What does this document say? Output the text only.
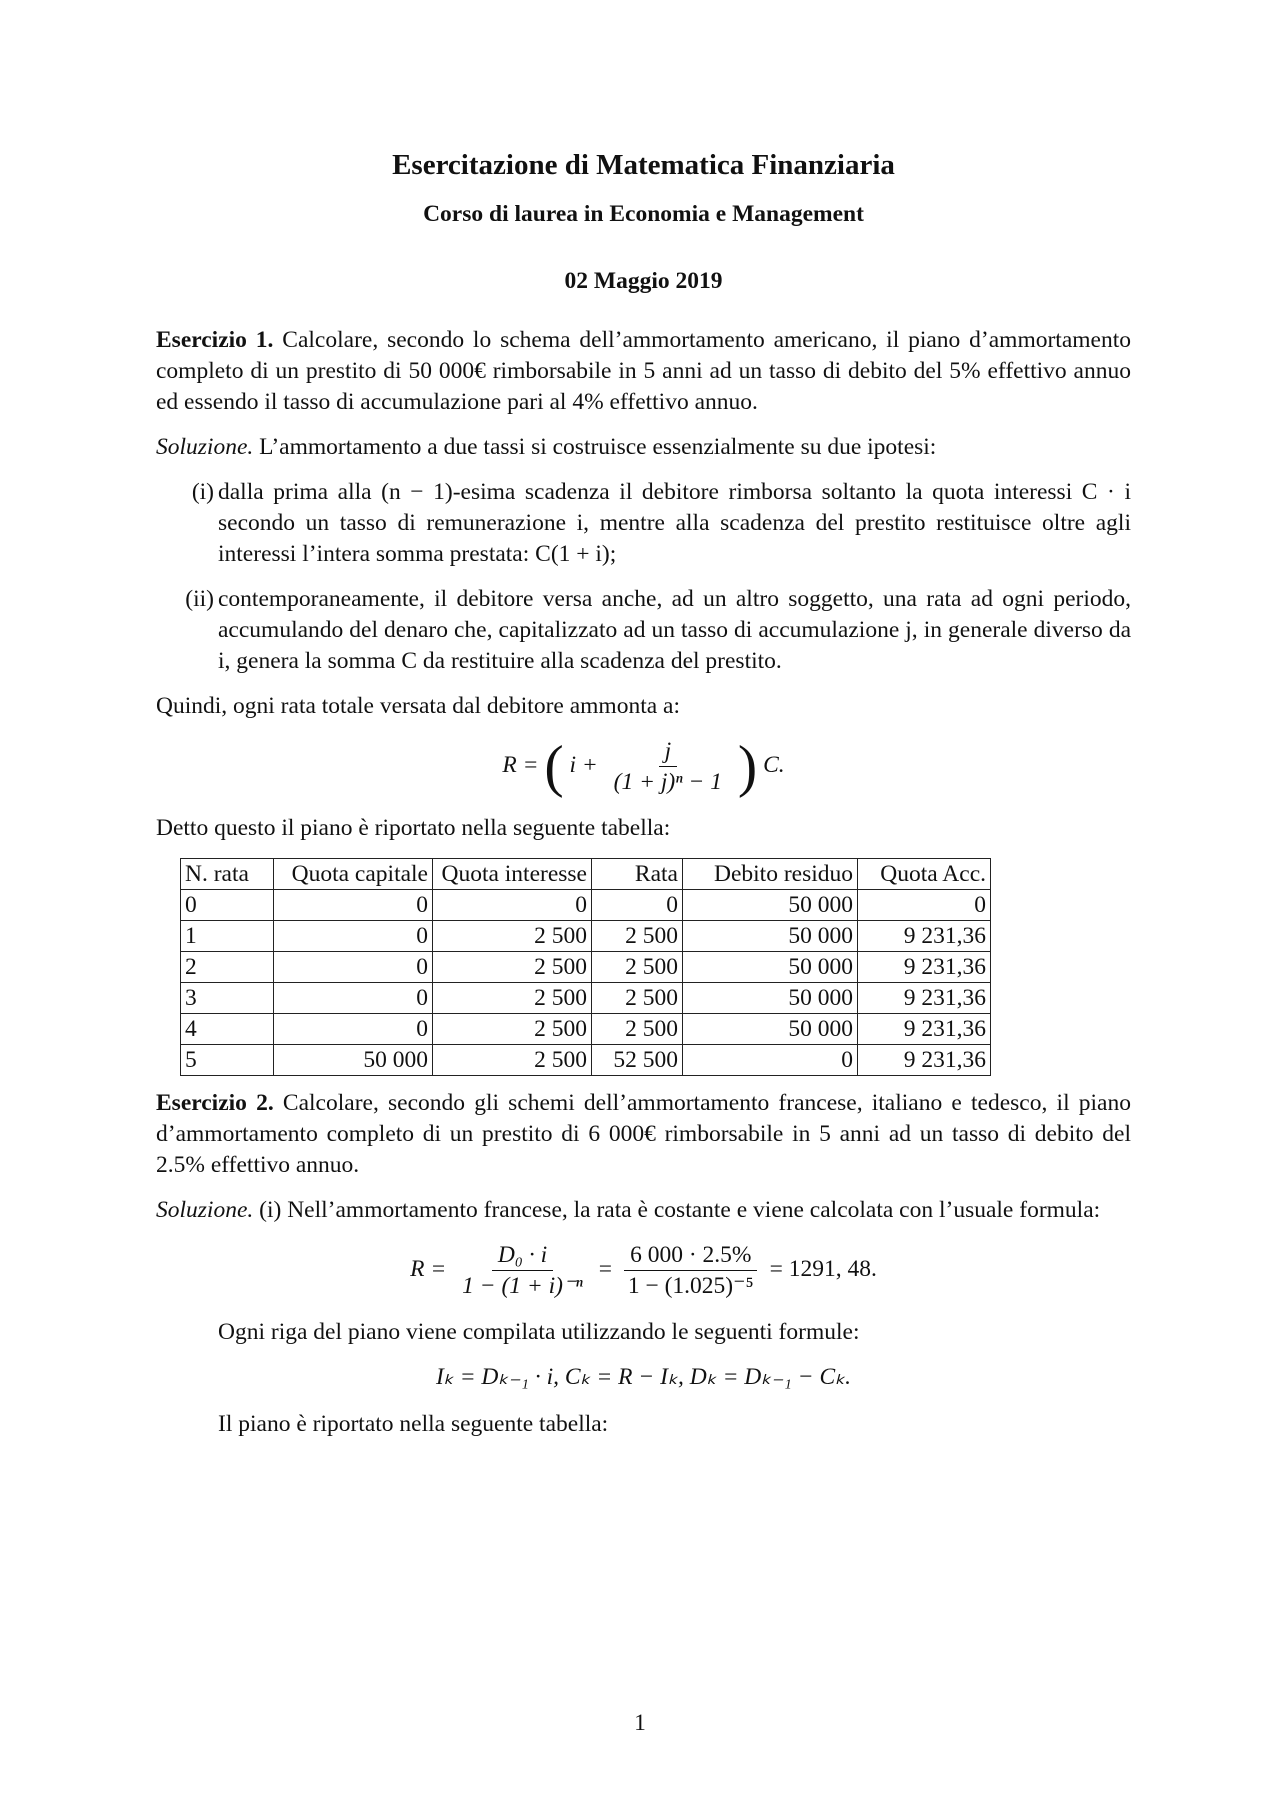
Esercitazione di Matematica Finanziaria
Corso di laurea in Economia e Management
02 Maggio 2019

Esercizio 1. Calcolare, secondo lo schema dell’ammortamento americano, il piano d’ammortamento completo di un prestito di 50 000€ rimborsabile in 5 anni ad un tasso di debito del 5% effettivo annuo ed essendo il tasso di accumulazione pari al 4% effettivo annuo.

Soluzione. L’ammortamento a due tassi si costruisce essenzialmente su due ipotesi:

(i) dalla prima alla (n − 1)-esima scadenza il debitore rimborsa soltanto la quota interessi C · i secondo un tasso di remunerazione i, mentre alla scadenza del prestito restituisce oltre agli interessi l’intera somma prestata: C(1 + i);
(ii) contemporaneamente, il debitore versa anche, ad un altro soggetto, una rata ad ogni periodo, accumulando del denaro che, capitalizzato ad un tasso di accumulazione j, in generale diverso da i, genera la somma C da restituire alla scadenza del prestito.

Quindi, ogni rata totale versata dal debitore ammonta a:

R = ( $i + \frac{j}{\text{(1 + j)ⁿ − 1}}$ ) C.

Detto questo il piano è riportato nella seguente tabella:

N. rata	Quota capitale	Quota interesse	Rata	Debito residuo	Quota Acc.
0	0	0	0	50 000	0
1	0	2 500	2 500	50 000	9 231,36
2	0	2 500	2 500	50 000	9 231,36
3	0	2 500	2 500	50 000	9 231,36
4	0	2 500	2 500	50 000	9 231,36
5	50 000	2 500	52 500	0	9 231,36

Esercizio 2. Calcolare, secondo gli schemi dell’ammortamento francese, italiano e tedesco, il piano d’ammortamento completo di un prestito di 6 000€ rimborsabile in 5 anni ad un tasso di debito del 2.5% effettivo annuo.

Soluzione. (i) Nell’ammortamento francese, la rata è costante e viene calcolata con l’usuale formula:

$R = \frac{\text{D₀ · i}}{\text{1 − (1 + i)⁻ⁿ}} = \frac{6 000 \cdot 2.5\%}{\text{1 − (1.025)⁻⁵}} = 1291$, 48.

Ogni riga del piano viene compilata utilizzando le seguenti formule:

Iₖ = Dₖ₋₁ · i, Cₖ = R − Iₖ, Dₖ = Dₖ₋₁ − Cₖ.

Il piano è riportato nella seguente tabella:

1
